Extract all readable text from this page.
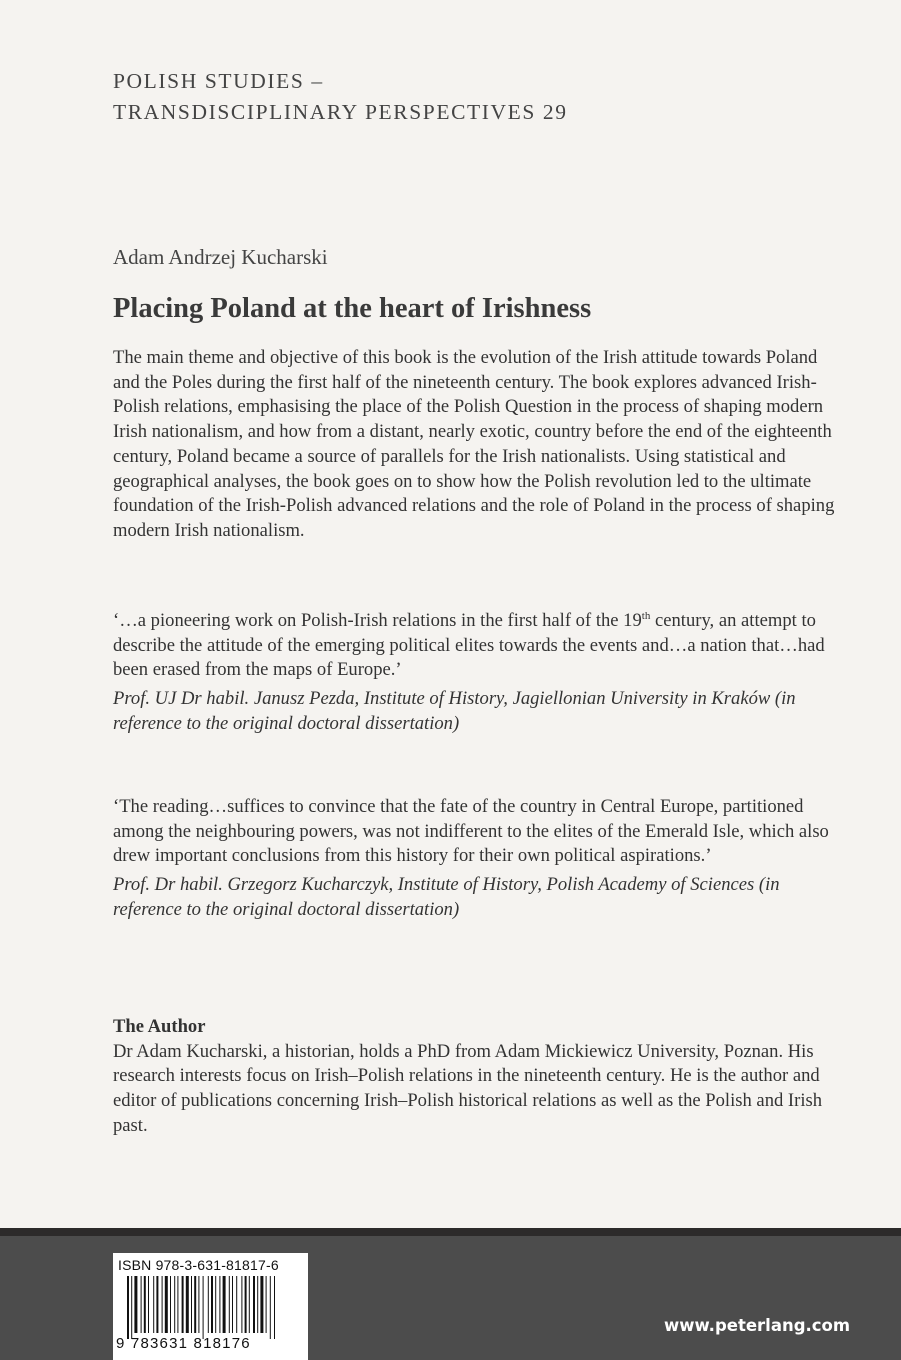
POLISH STUDIES –
TRANSDISCIPLINARY PERSPECTIVES 29
Adam Andrzej Kucharski
Placing Poland at the heart of Irishness
The main theme and objective of this book is the evolution of the Irish attitude towards Poland and the Poles during the first half of the nineteenth century. The book explores advanced Irish-Polish relations, emphasising the place of the Polish Question in the process of shaping modern Irish nationalism, and how from a distant, nearly exotic, country before the end of the eighteenth century, Poland became a source of parallels for the Irish nationalists. Using statistical and geographical analyses, the book goes on to show how the Polish revolution led to the ultimate foundation of the Irish-Polish advanced relations and the role of Poland in the process of shaping modern Irish nationalism.
‘…a pioneering work on Polish-Irish relations in the first half of the 19th century, an attempt to describe the attitude of the emerging political elites towards the events and…a nation that…had been erased from the maps of Europe.’
Prof. UJ Dr habil. Janusz Pezda, Institute of History, Jagiellonian University in Kraków (in reference to the original doctoral dissertation)
‘The reading…suffices to convince that the fate of the country in Central Europe, partitioned among the neighbouring powers, was not indifferent to the elites of the Emerald Isle, which also drew important conclusions from this history for their own political aspirations.’
Prof. Dr habil. Grzegorz Kucharczyk, Institute of History, Polish Academy of Sciences (in reference to the original doctoral dissertation)
The Author
Dr Adam Kucharski, a historian, holds a PhD from Adam Mickiewicz University, Poznan. His research interests focus on Irish–Polish relations in the nineteenth century. He is the author and editor of publications concerning Irish–Polish historical relations as well as the Polish and Irish past.
ISBN 978-3-631-81817-6
9 783631 818176
www.peterlang.com
